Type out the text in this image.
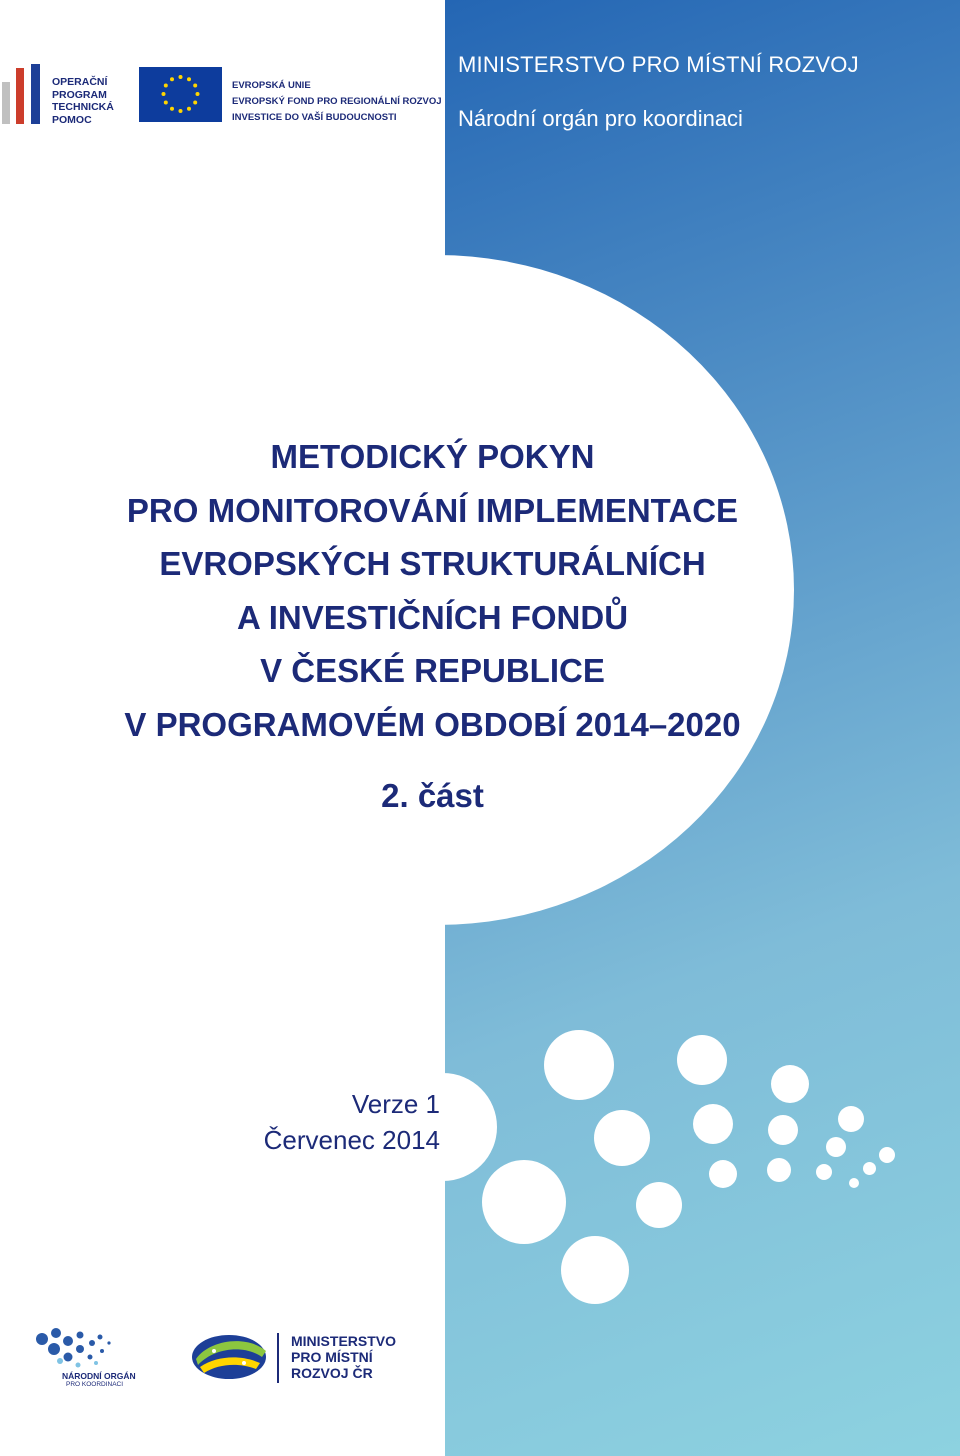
MINISTERSTVO PRO MÍSTNÍ ROZVOJ
Národní orgán pro koordinaci
METODICKÝ POKYN
PRO MONITOROVÁNÍ IMPLEMENTACE
EVROPSKÝCH STRUKTURÁLNÍCH
A INVESTIČNÍCH FONDŮ
V ČESKÉ REPUBLICE
V PROGRAMOVÉM OBDOBÍ 2014–2020
2. část
Verze 1
Červenec 2014
OPERAČNÍ
PROGRAM
TECHNICKÁ
POMOC
EVROPSKÁ UNIE
EVROPSKÝ FOND PRO REGIONÁLNÍ ROZVOJ
INVESTICE DO VAŠÍ BUDOUCNOSTI
NÁRODNÍ ORGÁN
PRO KOORDINACI
MINISTERSTVO
PRO MÍSTNÍ
ROZVOJ ČR
